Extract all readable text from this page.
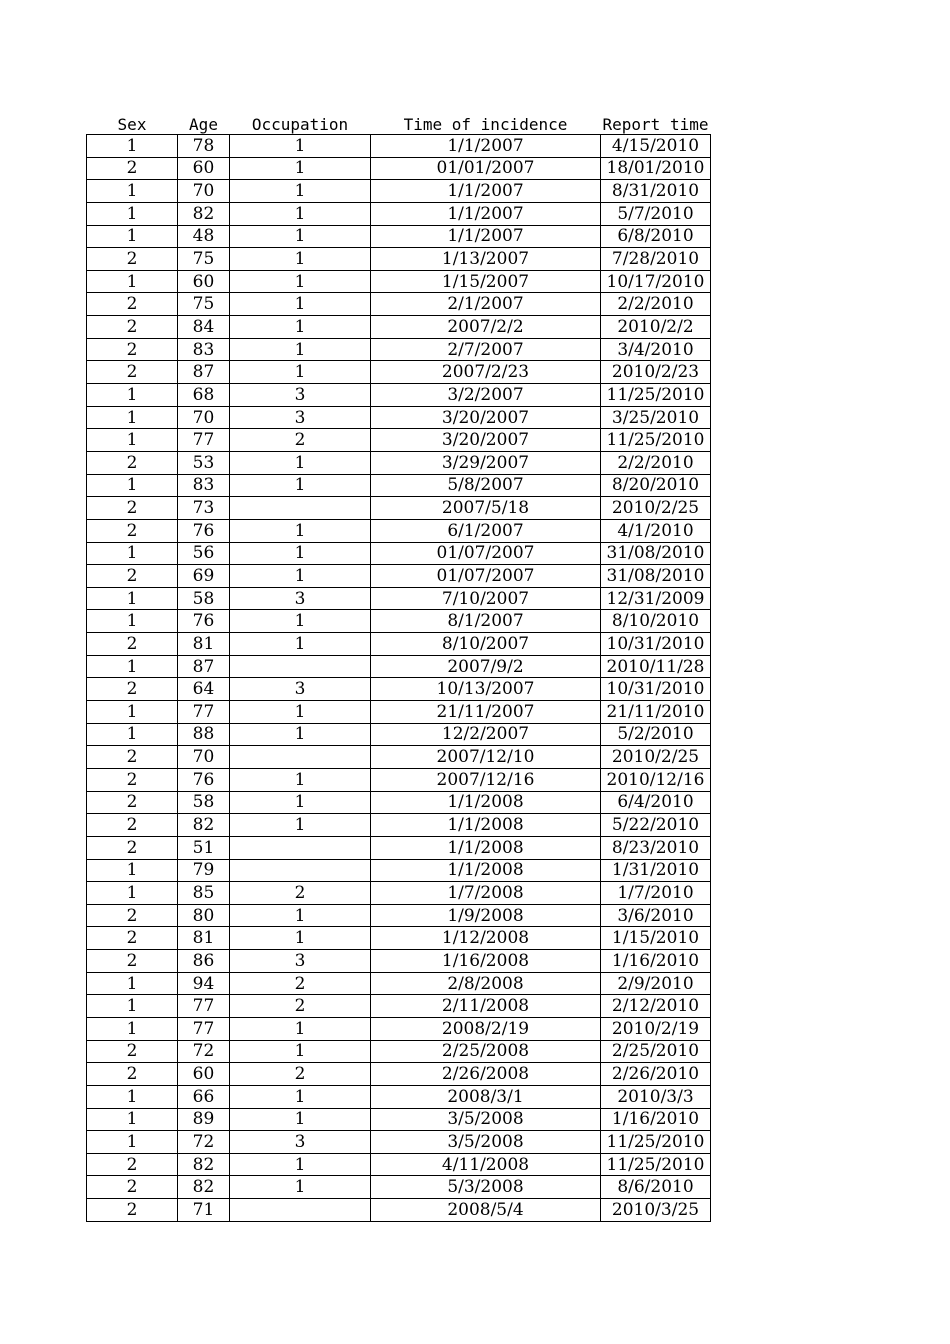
Sex	Age	Occupation	Time of incidence	Report time
1	78	1	1/1/2007	4/15/2010
2	60	1	01/01/2007	18/01/2010
1	70	1	1/1/2007	8/31/2010
1	82	1	1/1/2007	5/7/2010
1	48	1	1/1/2007	6/8/2010
2	75	1	1/13/2007	7/28/2010
1	60	1	1/15/2007	10/17/2010
2	75	1	2/1/2007	2/2/2010
2	84	1	2007/2/2	2010/2/2
2	83	1	2/7/2007	3/4/2010
2	87	1	2007/2/23	2010/2/23
1	68	3	3/2/2007	11/25/2010
1	70	3	3/20/2007	3/25/2010
1	77	2	3/20/2007	11/25/2010
2	53	1	3/29/2007	2/2/2010
1	83	1	5/8/2007	8/20/2010
2	73		2007/5/18	2010/2/25
2	76	1	6/1/2007	4/1/2010
1	56	1	01/07/2007	31/08/2010
2	69	1	01/07/2007	31/08/2010
1	58	3	7/10/2007	12/31/2009
1	76	1	8/1/2007	8/10/2010
2	81	1	8/10/2007	10/31/2010
1	87		2007/9/2	2010/11/28
2	64	3	10/13/2007	10/31/2010
1	77	1	21/11/2007	21/11/2010
1	88	1	12/2/2007	5/2/2010
2	70		2007/12/10	2010/2/25
2	76	1	2007/12/16	2010/12/16
2	58	1	1/1/2008	6/4/2010
2	82	1	1/1/2008	5/22/2010
2	51		1/1/2008	8/23/2010
1	79		1/1/2008	1/31/2010
1	85	2	1/7/2008	1/7/2010
2	80	1	1/9/2008	3/6/2010
2	81	1	1/12/2008	1/15/2010
2	86	3	1/16/2008	1/16/2010
1	94	2	2/8/2008	2/9/2010
1	77	2	2/11/2008	2/12/2010
1	77	1	2008/2/19	2010/2/19
2	72	1	2/25/2008	2/25/2010
2	60	2	2/26/2008	2/26/2010
1	66	1	2008/3/1	2010/3/3
1	89	1	3/5/2008	1/16/2010
1	72	3	3/5/2008	11/25/2010
2	82	1	4/11/2008	11/25/2010
2	82	1	5/3/2008	8/6/2010
2	71		2008/5/4	2010/3/25
